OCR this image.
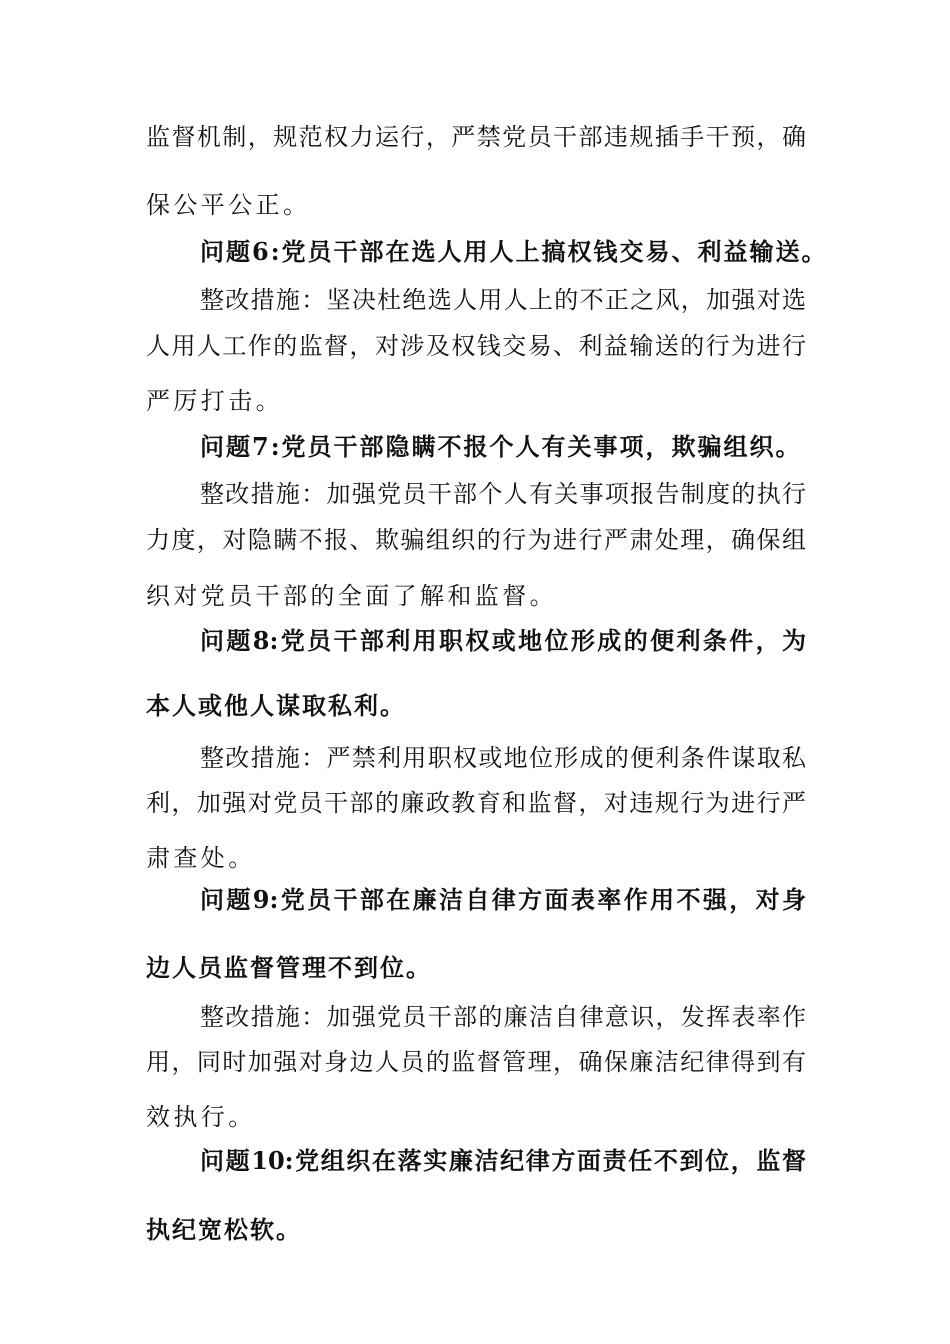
监督机制，规范权力运行，严禁党员干部违规插手干预，确
保公平公正。
问题6:党员干部在选人用人上搞权钱交易、利益输送。
整改措施：坚决杜绝选人用人上的不正之风，加强对选
人用人工作的监督，对涉及权钱交易、利益输送的行为进行
严厉打击。
问题7:党员干部隐瞒不报个人有关事项，欺骗组织。
整改措施：加强党员干部个人有关事项报告制度的执行
力度，对隐瞒不报、欺骗组织的行为进行严肃处理，确保组
织对党员干部的全面了解和监督。
问题8:党员干部利用职权或地位形成的便利条件，为
本人或他人谋取私利。
整改措施：严禁利用职权或地位形成的便利条件谋取私
利，加强对党员干部的廉政教育和监督，对违规行为进行严
肃查处。
问题9:党员干部在廉洁自律方面表率作用不强，对身
边人员监督管理不到位。
整改措施：加强党员干部的廉洁自律意识，发挥表率作
用，同时加强对身边人员的监督管理，确保廉洁纪律得到有
效执行。
问题10:党组织在落实廉洁纪律方面责任不到位，监督
执纪宽松软。
